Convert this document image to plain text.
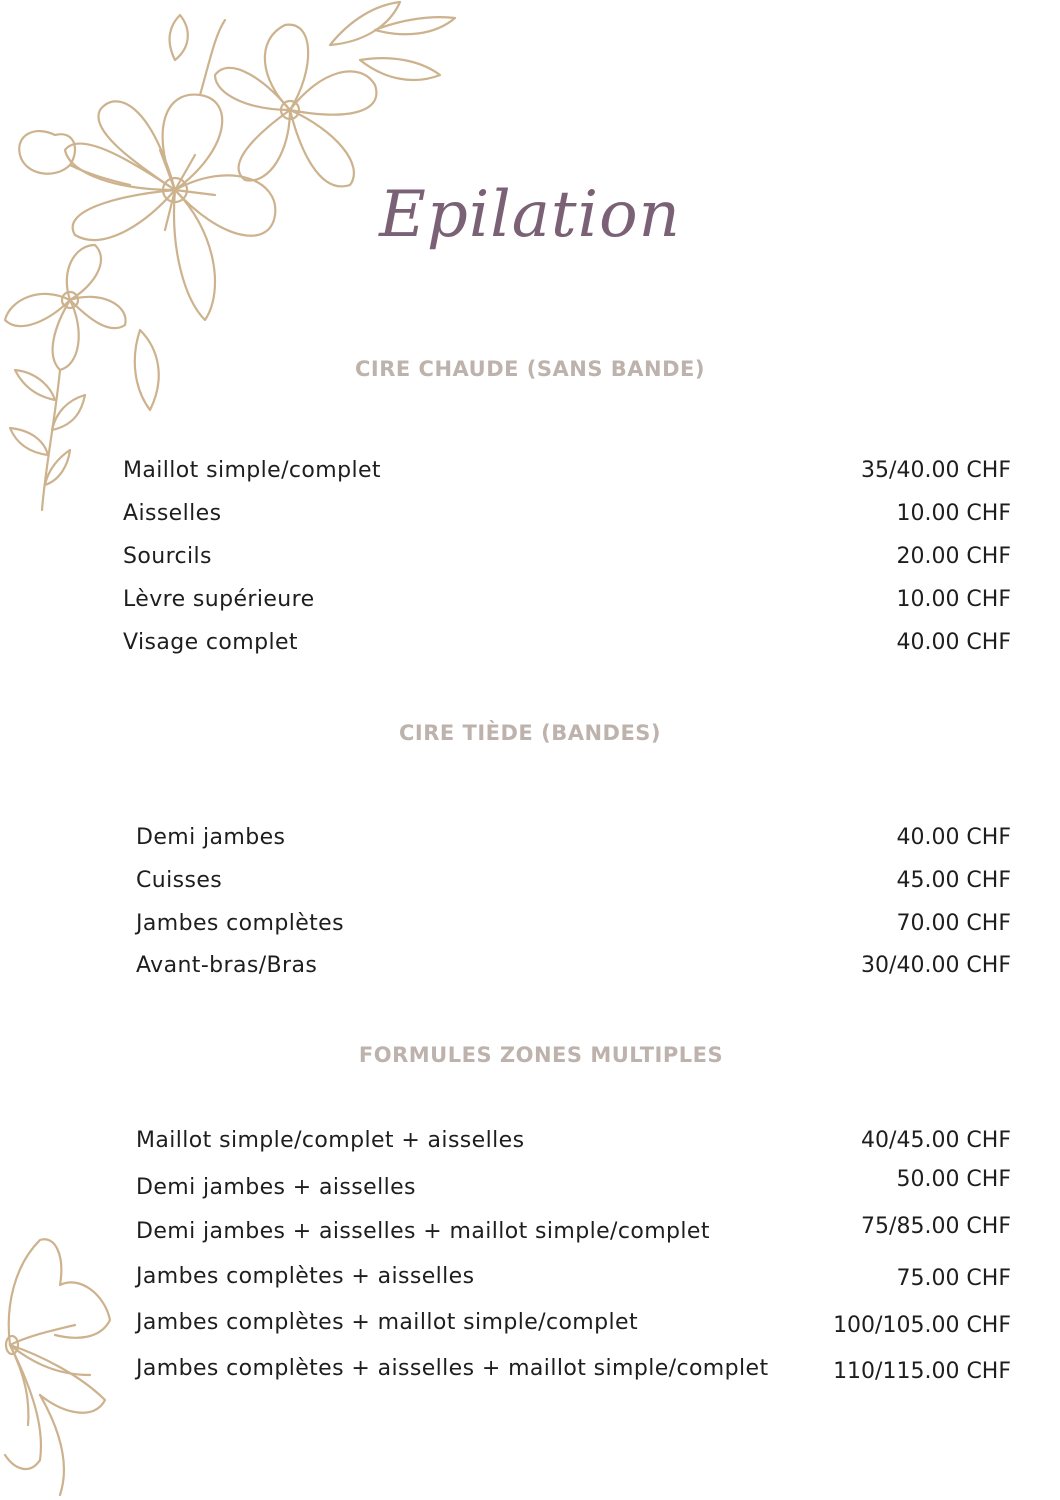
Epilation
CIRE CHAUDE (SANS BANDE)
Maillot simple/complet	35/40.00 CHF
Aisselles	10.00 CHF
Sourcils	20.00 CHF
Lèvre supérieure	10.00 CHF
Visage complet	40.00 CHF
CIRE TIÈDE (BANDES)
Demi jambes	40.00 CHF
Cuisses	45.00 CHF
Jambes complètes	70.00 CHF
Avant-bras/Bras	30/40.00 CHF
FORMULES ZONES MULTIPLES
Maillot simple/complet + aisselles	40/45.00 CHF
Demi jambes + aisselles	50.00 CHF
Demi jambes + aisselles + maillot simple/complet	75/85.00 CHF
Jambes complètes + aisselles	75.00 CHF
Jambes complètes + maillot simple/complet	100/105.00 CHF
Jambes complètes + aisselles + maillot simple/complet	110/115.00 CHF
